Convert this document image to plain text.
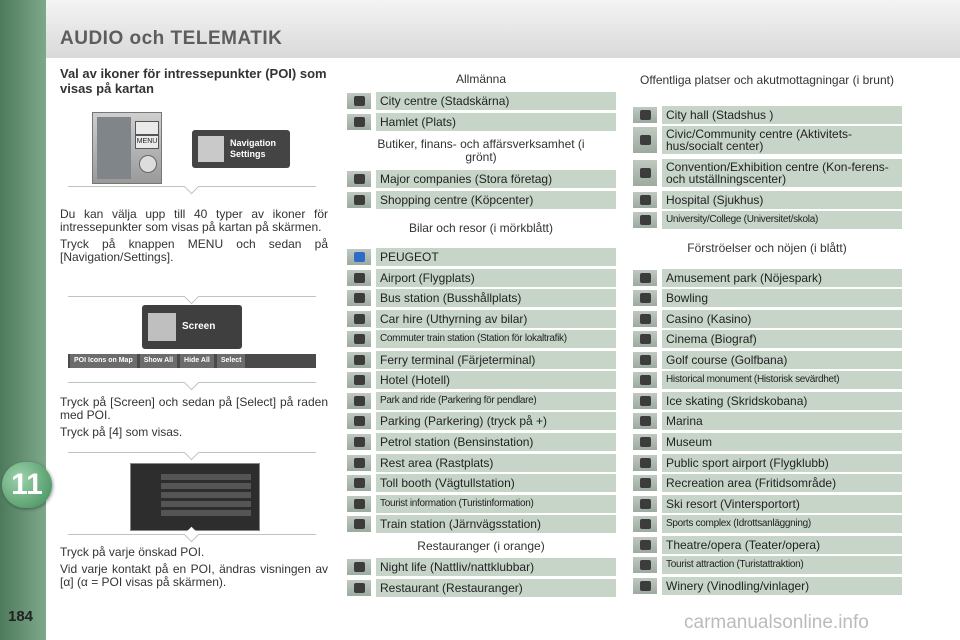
AUDIO och TELEMATIK
11
184
Val av ikoner för intressepunkter (POI) som visas på kartan
MENU	Navigation Settings
Du kan välja upp till 40 typer av ikoner för intressepunkter som visas på kartan på skärmen.
Tryck på knappen MENU och sedan på [Navigation/Settings].
Screen
POI Icons on Map	Show All	Hide All	Select
Tryck på [Screen] och sedan på [Select] på raden med POI.
Tryck på [4] som visas.
Tryck på varje önskad POI.
Vid varje kontakt på en POI, ändras visningen av [α] (α = POI visas på skärmen).
Allmänna
City centre (Stadskärna)
Hamlet (Plats)
Butiker, finans- och affärsverksamhet (i grönt)
Major companies (Stora företag)
Shopping centre (Köpcenter)
Bilar och resor (i mörkblått)
PEUGEOT
Airport (Flygplats)
Bus station (Busshållplats)
Car hire (Uthyrning av bilar)
Commuter train station (Station för lokaltrafik)
Ferry terminal (Färjeterminal)
Hotel (Hotell)
Park and ride (Parkering för pendlare)
Parking (Parkering) (tryck på +)
Petrol station (Bensinstation)
Rest area (Rastplats)
Toll booth (Vägtullstation)
Tourist information (Turistinformation)
Train station (Järnvägsstation)
Restauranger (i orange)
Night life (Nattliv/nattklubbar)
Restaurant (Restauranger)
Offentliga platser och akutmottagningar (i brunt)
City hall (Stadshus )
Civic/Community centre (Aktivitets-hus/socialt center)
Convention/Exhibition centre (Kon-ferens- och utställningscenter)
Hospital (Sjukhus)
University/College (Universitet/skola)
Förströelser och nöjen (i blått)
Amusement park (Nöjespark)
Bowling
Casino (Kasino)
Cinema (Biograf)
Golf course (Golfbana)
Historical monument (Historisk sevärdhet)
Ice skating (Skridskobana)
Marina
Museum
Public sport airport (Flygklubb)
Recreation area (Fritidsområde)
Ski resort (Vintersportort)
Sports complex (Idrottsanläggning)
Theatre/opera (Teater/opera)
Tourist attraction (Turistattraktion)
Winery (Vinodling/vinlager)
carmanualsonline.info
